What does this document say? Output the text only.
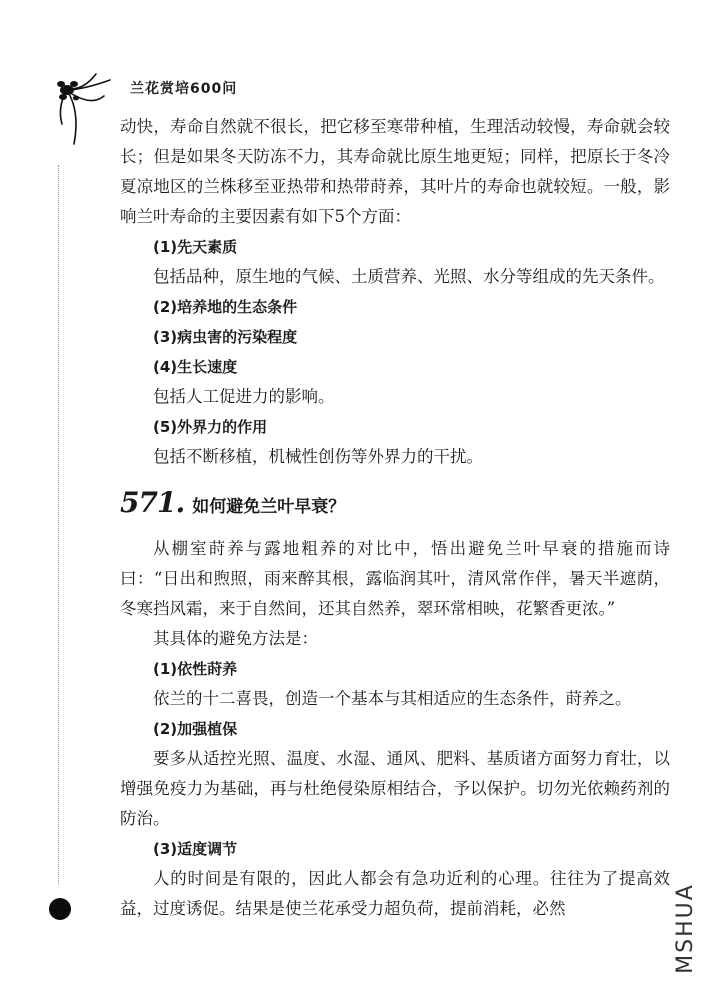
兰花赏培600问

动快，寿命自然就不很长，把它移至寒带种植，生理活动较慢，寿命就会较长；但是如果冬天防冻不力，其寿命就比原生地更短；同样，把原长于冬冷夏凉地区的兰株移至亚热带和热带莳养，其叶片的寿命也就较短。一般，影响兰叶寿命的主要因素有如下5个方面：

(1)先天素质

包括品种，原生地的气候、土质营养、光照、水分等组成的先天条件。

(2)培养地的生态条件

(3)病虫害的污染程度

(4)生长速度

包括人工促进力的影响。

(5)外界力的作用

包括不断移植，机械性创伤等外界力的干扰。

571. 如何避免兰叶早衰？

从棚室莳养与露地粗养的对比中，悟出避免兰叶早衰的措施而诗曰：“日出和煦照，雨来醉其根，露临润其叶，清风常作伴，暑天半遮荫，冬寒挡风霜，来于自然间，还其自然养，翠环常相映，花繁香更浓。”

其具体的避免方法是：

(1)依性莳养

依兰的十二喜畏，创造一个基本与其相适应的生态条件，莳养之。

(2)加强植保

要多从适控光照、温度、水湿、通风、肥料、基质诸方面努力育壮，以增强免疫力为基础，再与杜绝侵染原相结合，予以保护。切勿光依赖药剂的防治。

(3)适度调节

人的时间是有限的，因此人都会有急功近利的心理。往往为了提高效益，过度诱促。结果是使兰花承受力超负荷，提前消耗，必然	MSHUA
